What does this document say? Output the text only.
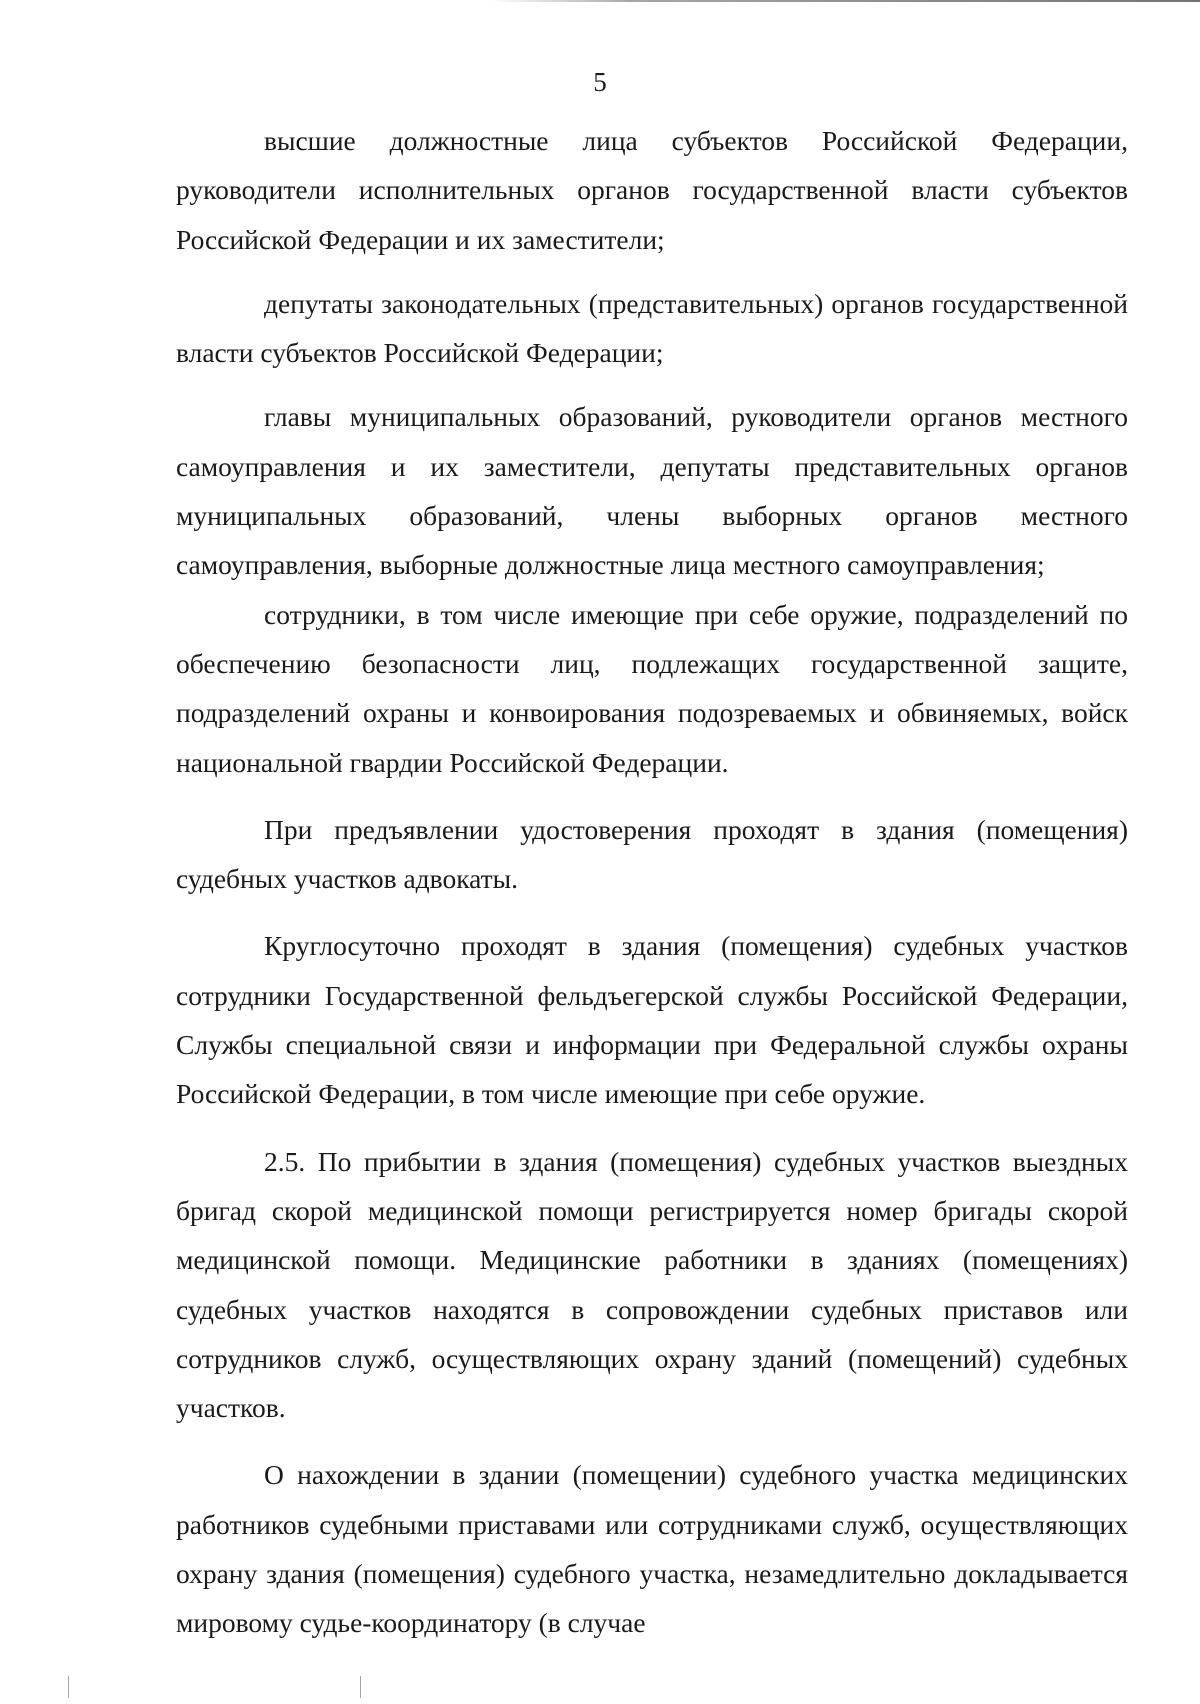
5

высшие должностные лица субъектов Российской Федерации, руководители исполнительных органов государственной власти субъектов Российской Федерации и их заместители;

депутаты законодательных (представительных) органов государственной власти субъектов Российской Федерации;

главы муниципальных образований, руководители органов местного самоуправления и их заместители, депутаты представительных органов муниципальных образований, члены выборных органов местного самоуправления, выборные должностные лица местного самоуправления;

сотрудники, в том числе имеющие при себе оружие, подразделений по обеспечению безопасности лиц, подлежащих государственной защите, подразделений охраны и конвоирования подозреваемых и обвиняемых, войск национальной гвардии Российской Федерации.

При предъявлении удостоверения проходят в здания (помещения) судебных участков адвокаты.

Круглосуточно проходят в здания (помещения) судебных участков сотрудники Государственной фельдъегерской службы Российской Федерации, Службы специальной связи и информации при Федеральной службы охраны Российской Федерации, в том числе имеющие при себе оружие.

2.5. По прибытии в здания (помещения) судебных участков выездных бригад скорой медицинской помощи регистрируется номер бригады скорой медицинской помощи. Медицинские работники в зданиях (помещениях) судебных участков находятся в сопровождении судебных приставов или сотрудников служб, осуществляющих охрану зданий (помещений) судебных участков.

О нахождении в здании (помещении) судебного участка медицинских работников судебными приставами или сотрудниками служб, осуществляющих охрану здания (помещения) судебного участка, незамедлительно докладывается мировому судье-координатору (в случае
